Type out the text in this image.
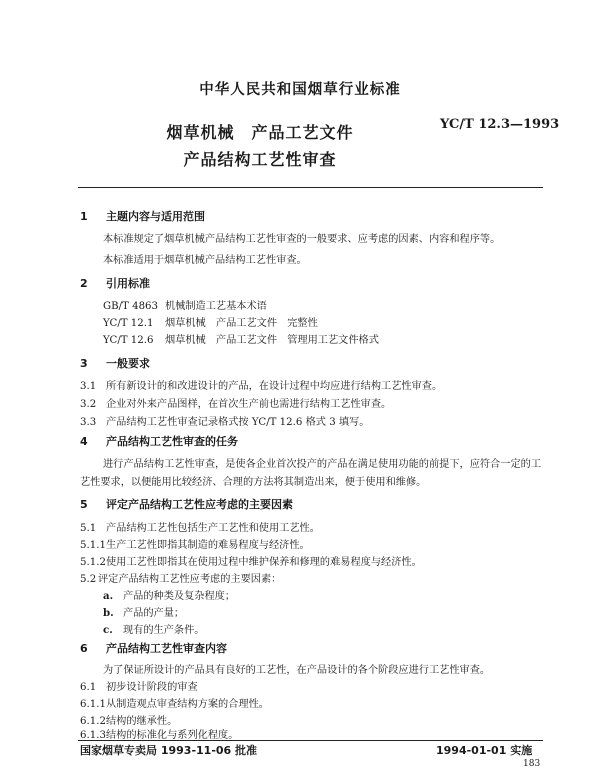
中华人民共和国烟草行业标准
YC/T 12.3—1993
烟草机械　产品工艺文件
产品结构工艺性审查
1 主题内容与适用范围
本标准规定了烟草机械产品结构工艺性审查的一般要求、应考虑的因素、内容和程序等。
本标准适用于烟草机械产品结构工艺性审查。
2 引用标准
GB/T 4863 机械制造工艺基本术语
YC/T 12.1 烟草机械　产品工艺文件　完整性
YC/T 12.6 烟草机械　产品工艺文件　管理用工艺文件格式
3 一般要求
3.1 所有新设计的和改进设计的产品，在设计过程中均应进行结构工艺性审查。
3.2 企业对外来产品图样，在首次生产前也需进行结构工艺性审查。
3.3 产品结构工艺性审查记录格式按 YC/T 12.6 格式 3 填写。
4 产品结构工艺性审查的任务
进行产品结构工艺性审查，是使各企业首次投产的产品在满足使用功能的前提下，应符合一定的工
艺性要求，以便能用比较经济、合理的方法将其制造出来，便于使用和维修。
5 评定产品结构工艺性应考虑的主要因素
5.1 产品结构工艺性包括生产工艺性和使用工艺性。
5.1.1生产工艺性即指其制造的难易程度与经济性。
5.1.2使用工艺性即指其在使用过程中维护保养和修理的难易程度与经济性。
5.2 评定产品结构工艺性应考虑的主要因素：
a. 产品的种类及复杂程度；
b. 产品的产量；
c. 现有的生产条件。
6 产品结构工艺性审查内容
为了保证所设计的产品具有良好的工艺性，在产品设计的各个阶段应进行工艺性审查。
6.1 初步设计阶段的审查
6.1.1从制造观点审查结构方案的合理性。
6.1.2结构的继承性。
6.1.3结构的标准化与系列化程度。
国家烟草专卖局 1993-11-06 批准	1994-01-01 实施
183
